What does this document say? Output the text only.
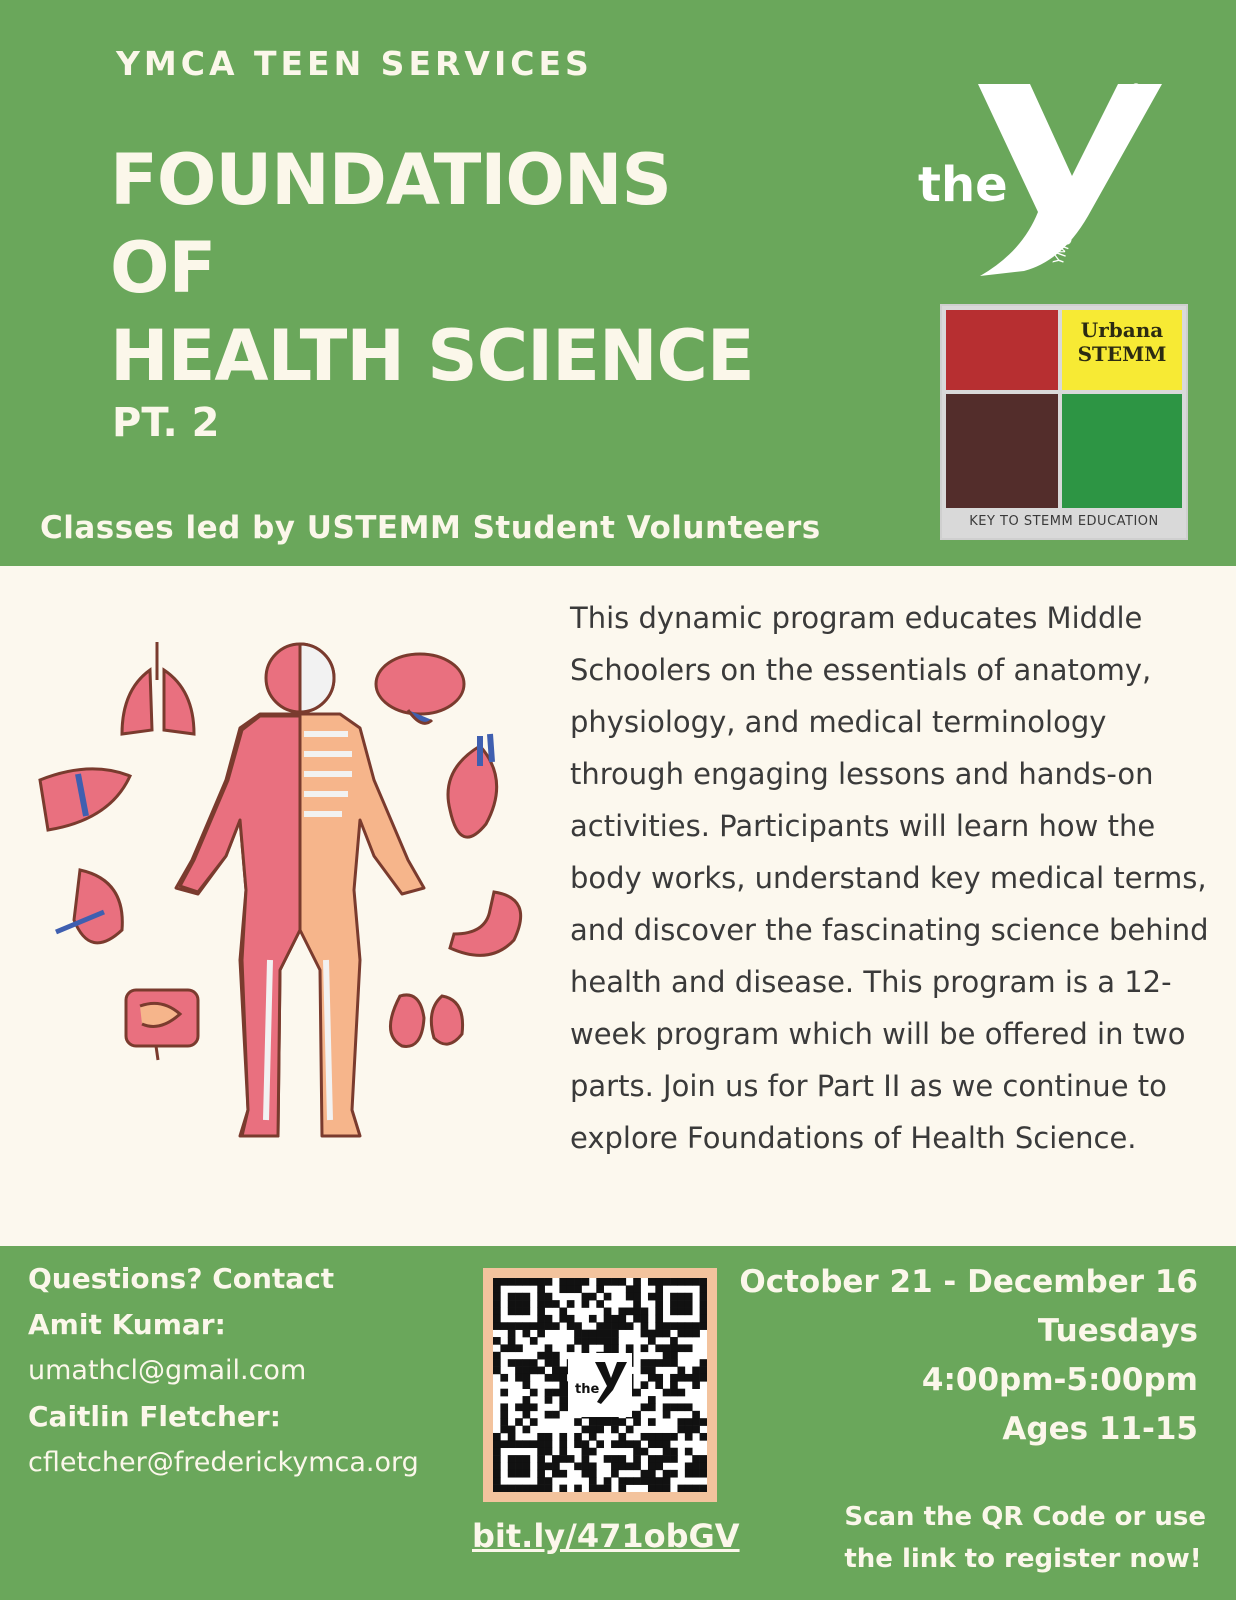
YMCA TEEN SERVICES
FOUNDATIONS
OF
HEALTH SCIENCE
PT. 2
Classes led by USTEMM Student Volunteers
the
YMCA
Urbana
STEMM
KEY TO STEMM EDUCATION
This dynamic program educates Middle Schoolers on the essentials of anatomy, physiology, and medical terminology through engaging lessons and hands-on activities. Participants will learn how the body works, understand key medical terms, and discover the fascinating science behind health and disease. This program is a 12-week program which will be offered in two parts. Join us for Part II as we continue to explore Foundations of Health Science.
Questions? Contact
Amit Kumar:
umathcl@gmail.com
Caitlin Fletcher:
cfletcher@frederickymca.org
the
bit.ly/471obGV
October 21 - December 16
Tuesdays
4:00pm-5:00pm
Ages 11-15
Scan the QR Code or use
the link to register now!
